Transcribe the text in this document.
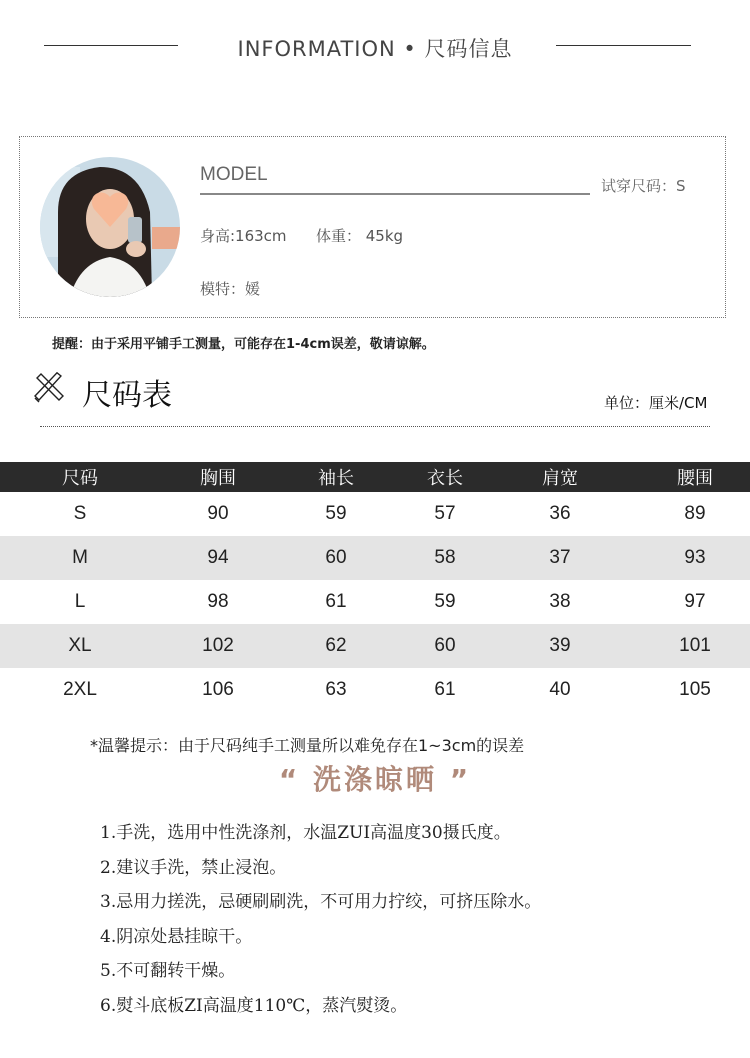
INFORMATION • 尺码信息
MODEL
试穿尺码：S
身高:163cm 体重： 45kg
模特：媛
提醒：由于采用平铺手工测量，可能存在1-4cm误差，敬请谅解。
尺码表	单位：厘米/CM
尺码	胸围	袖长	衣长	肩宽	腰围
S	90	59	57	36	89
M	94	60	58	37	93
L	98	61	59	38	97
XL	102	62	60	39	101
2XL	106	63	61	40	105
*温馨提示：由于尺码纯手工测量所以难免存在1~3cm的误差
“ 洗涤晾晒 ”
1.手洗，选用中性洗涤剂，水温ZUI高温度30摄氏度。
2.建议手洗，禁止浸泡。
3.忌用力搓洗，忌硬刷刷洗，不可用力拧绞，可挤压除水。
4.阴凉处悬挂晾干。
5.不可翻转干燥。
6.熨斗底板ZI高温度110℃，蒸汽熨烫。
